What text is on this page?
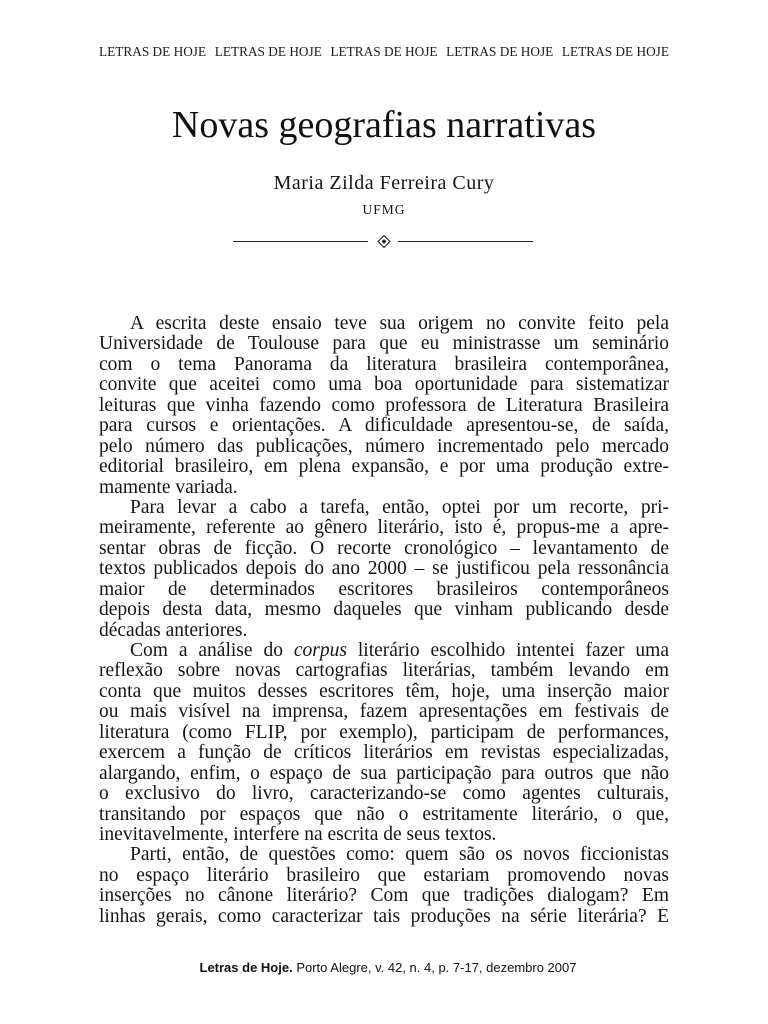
LETRAS DE HOJE LETRAS DE HOJE LETRAS DE HOJE LETRAS DE HOJE LETRAS DE HOJE
Novas geografias narrativas
Maria Zilda Ferreira Cury
UFMG
A escrita deste ensaio teve sua origem no convite feito pela
Universidade de Toulouse para que eu ministrasse um seminário
com o tema Panorama da literatura brasileira contemporânea,
convite que aceitei como uma boa oportunidade para sistematizar
leituras que vinha fazendo como professora de Literatura Brasileira
para cursos e orientações. A dificuldade apresentou-se, de saída,
pelo número das publicações, número incrementado pelo mercado
editorial brasileiro, em plena expansão, e por uma produção extre-
mamente variada.
Para levar a cabo a tarefa, então, optei por um recorte, pri-
meiramente, referente ao gênero literário, isto é, propus-me a apre-
sentar obras de ficção. O recorte cronológico – levantamento de
textos publicados depois do ano 2000 – se justificou pela ressonância
maior de determinados escritores brasileiros contemporâneos
depois desta data, mesmo daqueles que vinham publicando desde
décadas anteriores.
Com a análise do corpus literário escolhido intentei fazer uma
reflexão sobre novas cartografias literárias, também levando em
conta que muitos desses escritores têm, hoje, uma inserção maior
ou mais visível na imprensa, fazem apresentações em festivais de
literatura (como FLIP, por exemplo), participam de performances,
exercem a função de críticos literários em revistas especializadas,
alargando, enfim, o espaço de sua participação para outros que não
o exclusivo do livro, caracterizando-se como agentes culturais,
transitando por espaços que não o estritamente literário, o que,
inevitavelmente, interfere na escrita de seus textos.
Parti, então, de questões como: quem são os novos ficcionistas
no espaço literário brasileiro que estariam promovendo novas
inserções no cânone literário? Com que tradições dialogam? Em
linhas gerais, como caracterizar tais produções na série literária? É
Letras de Hoje. Porto Alegre, v. 42, n. 4, p. 7-17, dezembro 2007
